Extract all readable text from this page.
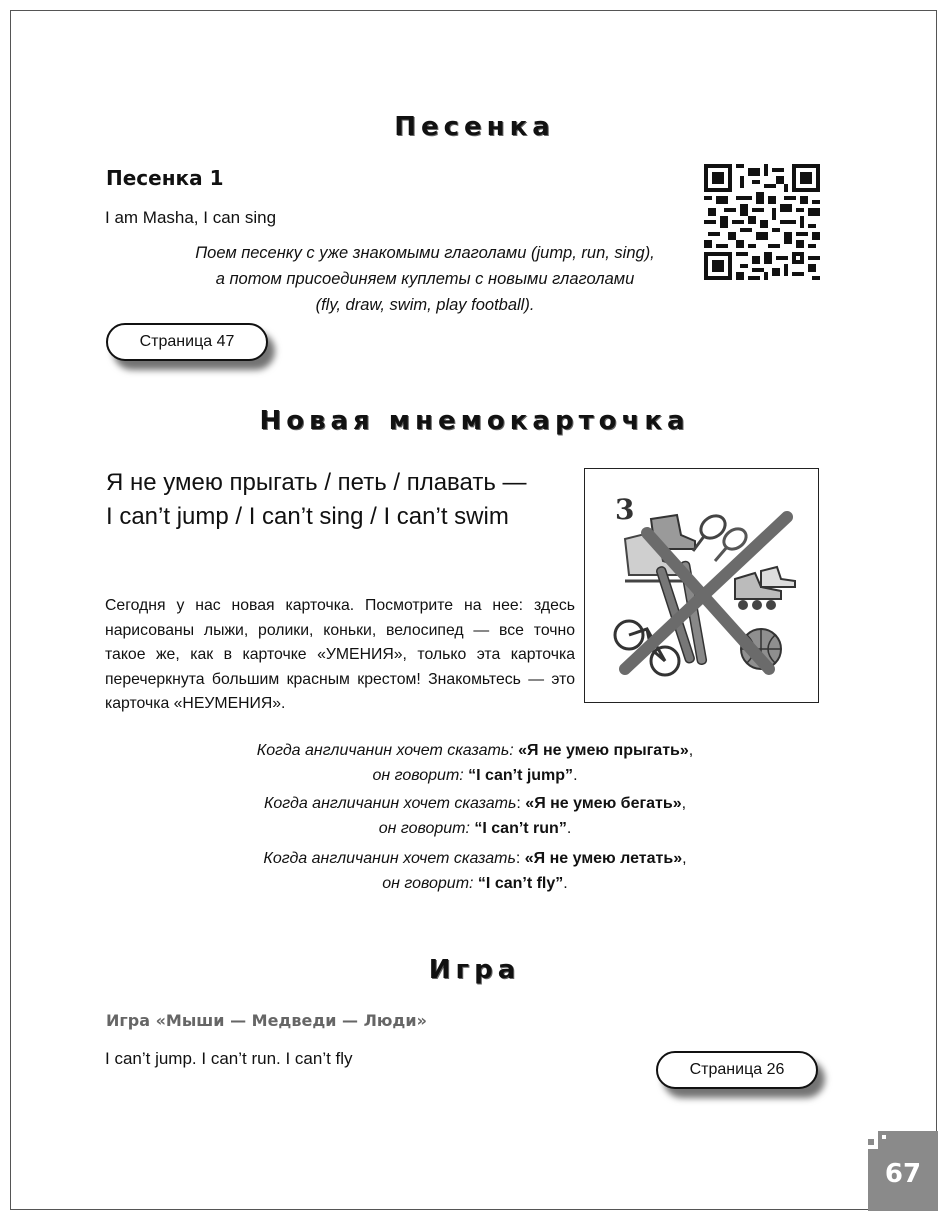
Песенка
Песенка 1
I am Masha, I can sing
Поем песенку с уже знакомыми глаголами (jump, run, sing),
а потом присоединяем куплеты с новыми глаголами
(fly, draw, swim, play football).
Страница 47
Новая мнемокарточка
Я не умею прыгать / петь / плавать —
I can’t jump / I can’t sing / I can’t swim
Сегодня у нас новая карточка. Посмотрите на нее: здесь нарисованы лыжи, ролики, коньки, велосипед — все точно такое же, как в карточке «УМЕНИЯ», только эта карточка перечеркнута большим красным крестом! Знакомьтесь — это карточка «НЕУМЕНИЯ».
3
Когда англичанин хочет сказать: «Я не умею прыгать»,
он говорит: “I can’t jump”.
Когда англичанин хочет сказать: «Я не умею бегать»,
он говорит: “I can’t run”.
Когда англичанин хочет сказать: «Я не умею летать»,
он говорит: “I can’t fly”.
Игра
Игра «Мыши — Медведи — Люди»
I can’t jump. I can’t run. I can’t fly
Страница 26
67
